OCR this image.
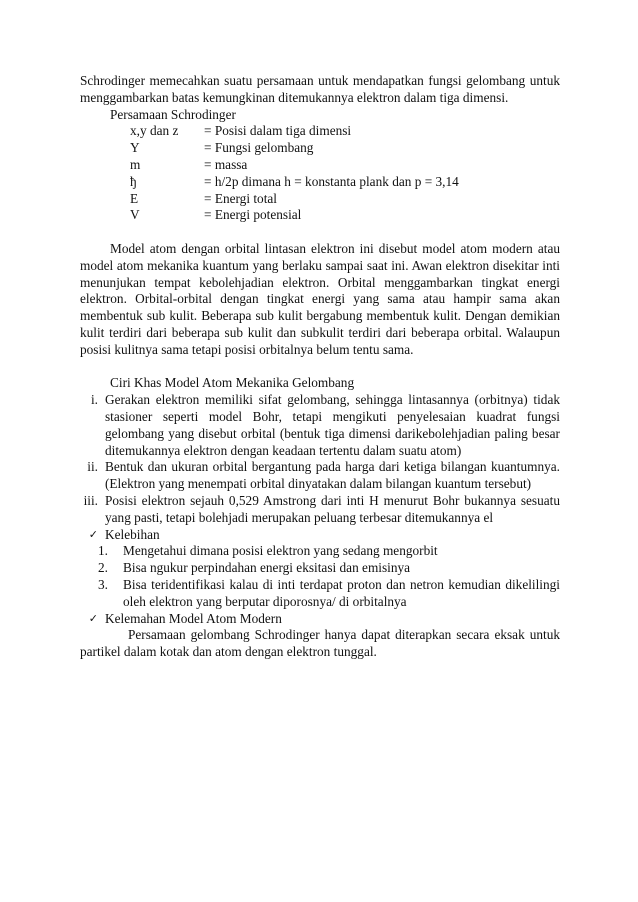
Schrodinger memecahkan suatu persamaan untuk mendapatkan fungsi gelombang untuk menggambarkan batas kemungkinan ditemukannya elektron dalam tiga dimensi.

Persamaan Schrodinger

x,y dan z	= Posisi dalam tiga dimensi
Y	= Fungsi gelombang
m	= massa
ђ	= h/2p dimana h = konstanta plank dan p = 3,14
E	= Energi total
V	= Energi potensial

Model atom dengan orbital lintasan elektron ini disebut model atom modern atau model atom mekanika kuantum yang berlaku sampai saat ini. Awan elektron disekitar inti menunjukan tempat kebolehjadian elektron. Orbital menggambarkan tingkat energi elektron. Orbital-orbital dengan tingkat energi yang sama atau hampir sama akan membentuk sub kulit. Beberapa sub kulit bergabung membentuk kulit. Dengan demikian kulit terdiri dari beberapa sub kulit dan subkulit terdiri dari beberapa orbital. Walaupun posisi kulitnya sama tetapi posisi orbitalnya belum tentu sama.

Ciri Khas Model Atom Mekanika Gelombang

i. Gerakan elektron memiliki sifat gelombang, sehingga lintasannya (orbitnya) tidak stasioner seperti model Bohr, tetapi mengikuti penyelesaian kuadrat fungsi gelombang yang disebut orbital (bentuk tiga dimensi darikebolehjadian paling besar ditemukannya elektron dengan keadaan tertentu dalam suatu atom)
ii. Bentuk dan ukuran orbital bergantung pada harga dari ketiga bilangan kuantumnya. (Elektron yang menempati orbital dinyatakan dalam bilangan kuantum tersebut)
iii. Posisi elektron sejauh 0,529 Amstrong dari inti H menurut Bohr bukannya sesuatu yang pasti, tetapi bolehjadi merupakan peluang terbesar ditemukannya el
✓ Kelebihan
1.	Mengetahui dimana posisi elektron yang sedang mengorbit
2.	Bisa ngukur perpindahan energi eksitasi dan emisinya
3.	Bisa teridentifikasi kalau di inti terdapat proton dan netron kemudian dikelilingi oleh elektron yang berputar diporosnya/ di orbitalnya
✓ Kelemahan Model Atom Modern

Persamaan gelombang Schrodinger hanya dapat diterapkan secara eksak untuk partikel dalam kotak dan atom dengan elektron tunggal.
